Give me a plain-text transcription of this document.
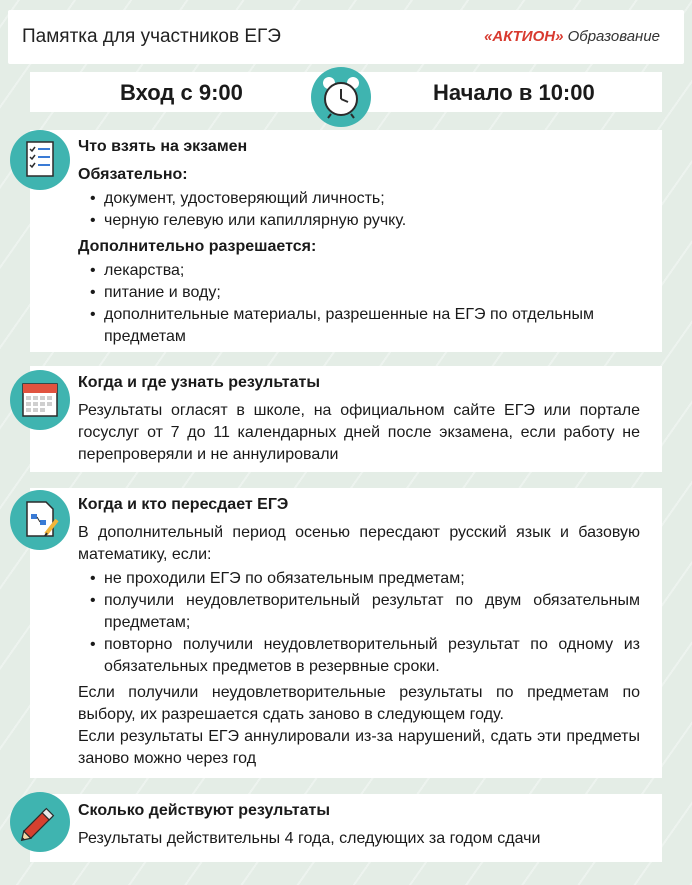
Памятка для участников ЕГЭ	«АКТИОН» Образование
Вход с 9:00	Начало в 10:00
Что взять на экзамен
Обязательно:
• документ, удостоверяющий личность;
• черную гелевую или капиллярную ручку.
Дополнительно разрешается:
• лекарства;
• питание и воду;
• дополнительные материалы, разрешенные на ЕГЭ по отдельным предметам
Когда и где узнать результаты

Результаты огласят в школе, на официальном сайте ЕГЭ или портале госуслуг от 7 до 11 календарных дней после экзамена, если работу не перепроверяли и не аннулировали

Когда и кто пересдает ЕГЭ

В дополнительный период осенью пересдают русский язык и базовую математику, если:

• не проходили ЕГЭ по обязательным предметам;
• получили неудовлетворительный результат по двум обязательным предметам;
• повторно получили неудовлетворительный результат по одному из обязательных предметов в резервные сроки.

Если получили неудовлетворительные результаты по предметам по выбору, их разрешается сдать заново в следующем году.

Если результаты ЕГЭ аннулировали из-за нарушений, сдать эти предметы заново можно через год

Сколько действуют результаты

Результаты действительны 4 года, следующих за годом сдачи
